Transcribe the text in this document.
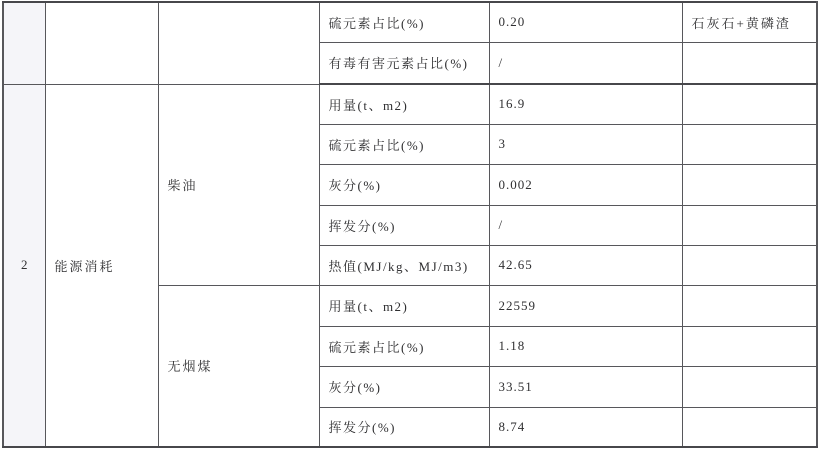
			硫元素占比(%)	0.20	石灰石+黄磷渣
			有毒有害元素占比(%)	/	
2	能源消耗	柴油	用量(t、m2)	16.9	
			硫元素占比(%)	3	
			灰分(%)	0.002	
			挥发分(%)	/	
			热值(MJ/kg、MJ/m3)	42.65	
		无烟煤	用量(t、m2)	22559	
			硫元素占比(%)	1.18	
			灰分(%)	33.51	
			挥发分(%)	8.74	
